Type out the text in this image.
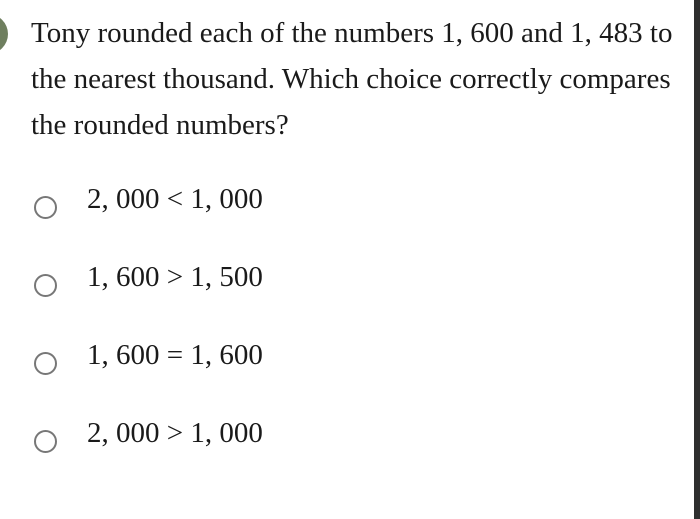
Tony rounded each of the numbers 1, 600 and 1, 483 to the nearest thousand. Which choice correctly compares the rounded numbers?
2, 000 < 1, 000
1, 600 > 1, 500
1, 600 = 1, 600
2, 000 > 1, 000
